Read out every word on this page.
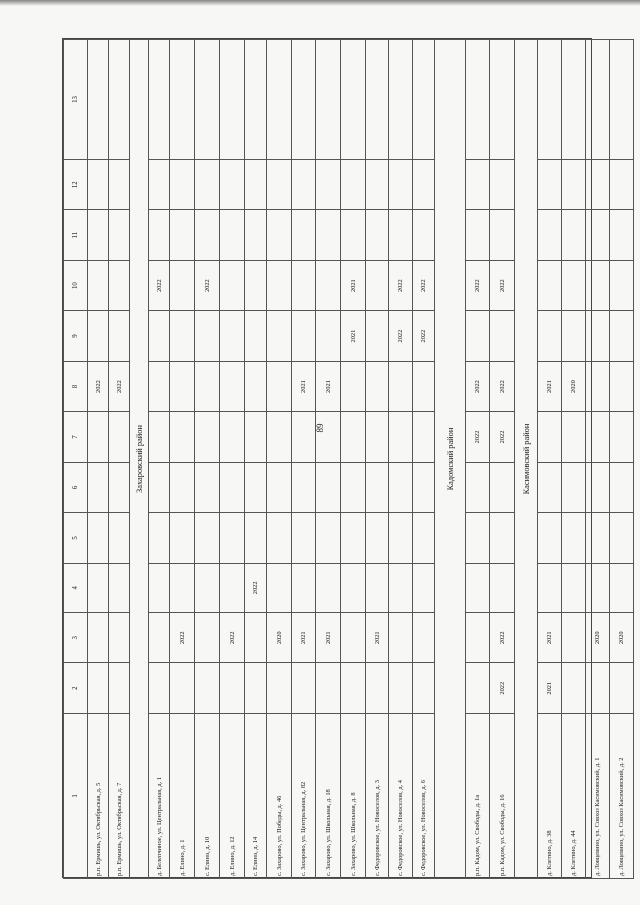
89
1	2	3	4	5	6	7	8	9	10	11	12	13
р.п. Ермишь, ул. Октябрьская, д. 5							2022					
р.п. Ермишь, ул. Октябрьская, д. 7							2022					
Захаровский район												
д. Белепчиное, ул. Центральная, д. 1									2022			
д. Елино, д. 1		2022										
с. Елино, д. 10									2022			
д. Елино, д. 12		2022										
с. Елино, д. 14			2022									
с. Захарово, ул. Победы, д. 46		2020										
с. Захарово, ул. Центральная, д. 82		2021					2021					
с. Захарово, ул. Школьная, д. 18		2021					2021					
с. Захарово, ул. Школьная, д. 8								2021	2021			
с. Федоровское, ул. Новоселов, д. 3		2021										
с. Федоровское, ул. Новоселов, д. 4								2022	2022			
с. Федоровское, ул. Новоселов, д. 6								2022	2022			
Кадомский район												
р.п. Кадом, ул. Свободы, д. 1а						2022	2022		2022			
р.п. Кадом, ул. Свободы, д. 16	2022	2022				2022	2022		2022			
Касимовский район												
д. Клетино, д. 38	2021	2021					2021					
д. Клетино, д. 44							2020					
д. Ловцевино, ул. Совхоз Касимовский, д. 1		2020										
д. Ловцевино, ул. Совхоз Касимовский, д. 2		2020										
